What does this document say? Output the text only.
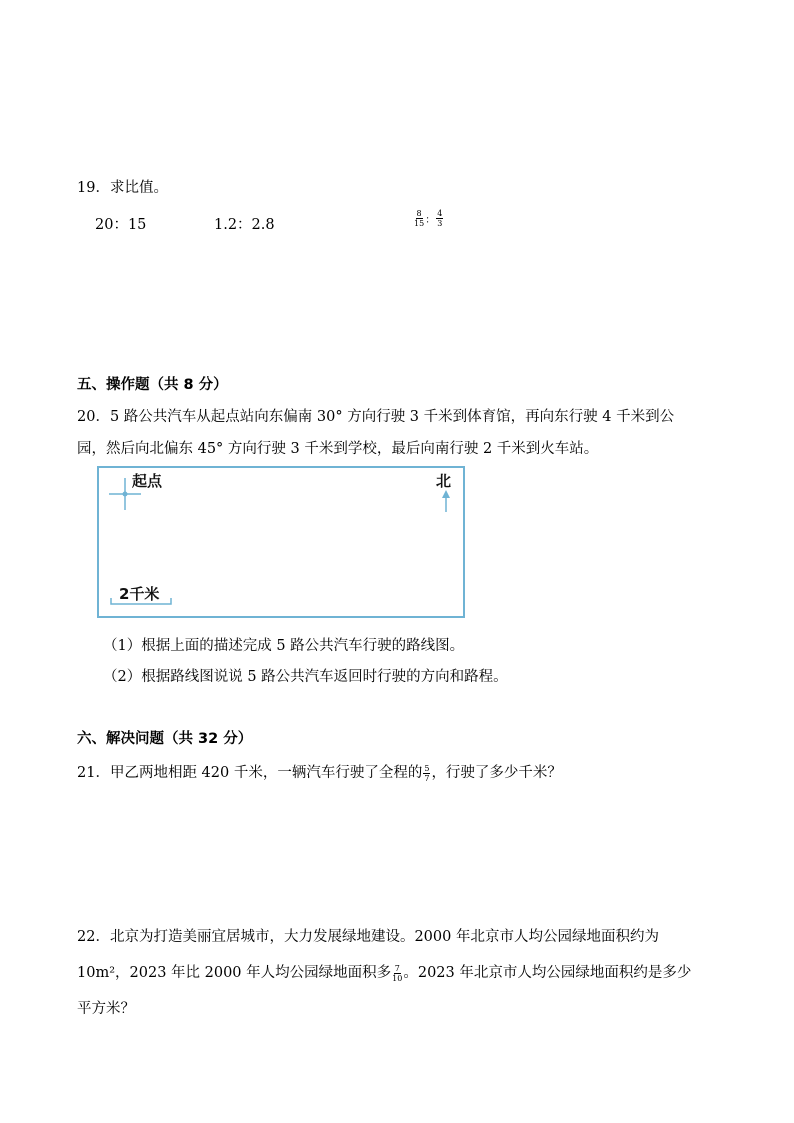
19．求比值。
20：15	1.2：2.8	$\frac{8}{15}$ ： $\frac{4}{3}$
五、操作题（共 8 分）
20．5 路公共汽车从起点站向东偏南 30° 方向行驶 3 千米到体育馆，再向东行驶 4 千米到公
园，然后向北偏东 45° 方向行驶 3 千米到学校，最后向南行驶 2 千米到火车站。
起点	北
2千米
（1）根据上面的描述完成 5 路公共汽车行驶的路线图。
（2）根据路线图说说 5 路公共汽车返回时行驶的方向和路程。
六、解决问题（共 32 分）
21．甲乙两地相距 420 千米，一辆汽车行驶了全程的 $\frac{5}{7}$ ，行驶了多少千米？
22．北京为打造美丽宜居城市，大力发展绿地建设。2000 年北京市人均公园绿地面积约为
10m²，2023 年比 2000 年人均公园绿地面积多 $\frac{7}{10}$ 。2023 年北京市人均公园绿地面积约是多少
平方米？
